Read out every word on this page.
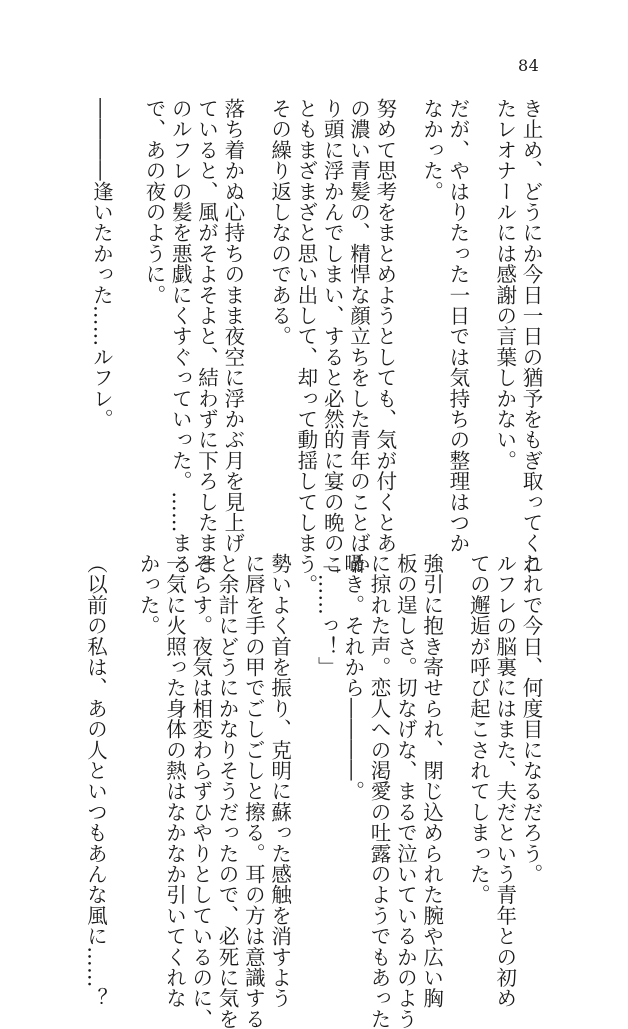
84
き止め、どうにか今日一日の猶予をもぎ取ってくれ
たレオナールには感謝の言葉しかない。
だが、やはりたった一日では気持ちの整理はつか
なかった。
努めて思考をまとめようとしても、気が付くとあ
の濃い青髪の、精悍な顔立ちをした青年のことばか
り頭に浮かんでしまい、すると必然的に宴の晩のこ
ともまざまざと思い出して、却って動揺してしまう。
その繰り返しなのである。
落ち着かぬ心持ちのまま夜空に浮かぶ月を見上げ
ていると、風がそよそよと、結わずに下ろしたまま
のルフレの髪を悪戯にくすぐっていった。……まる
で、あの夜のように。
――――逢いたかった……ルフレ。
これで今日、何度目になるだろう。
ルフレの脳裏にはまた、夫だという青年との初め
ての邂逅が呼び起こされてしまった。
強引に抱き寄せられ、閉じ込められた腕や広い胸
板の逞しさ。切なげな、まるで泣いているかのよう
に掠れた声。恋人への渇愛の吐露のようでもあった
囁き。それから――――。
「……っ！」
勢いよく首を振り、克明に蘇った感触を消すよう
に唇を手の甲でごしごしと擦る。耳の方は意識する
と余計にどうにかなりそうだったので、必死に気を
そらす。夜気は相変わらずひやりとしているのに、
一気に火照った身体の熱はなかなか引いてくれな
かった。
（以前の私は、あの人といつもあんな風に……？
